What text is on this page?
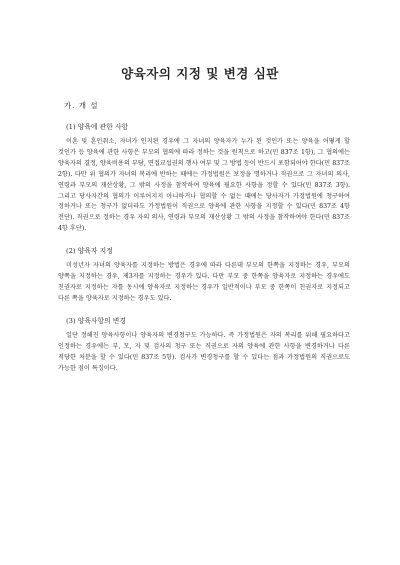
양육자의 지정 및 변경 심판
가. 개 설
(1) 양육에 관한 사항

이혼 및 혼인취소, 자녀가 인지된 경우에 그 자녀의 양육자가 누가 된 것인가 또는 양육을 어떻게 할 것인가 등 양육에 관한 사항은 부모의 협의에 따라 정하는 것을 원칙으로 하고(민 837조 1항), 그 협의에는 양육자의 결정, 양육비용의 부담, 면접교섭권의 행사 여부 및 그 방법 등이 반드시 포함되어야 한다(민 837조 2항). 다만 위 협의가 자녀의 복리에 반하는 때에는 가정법원은 보정을 명하거나 직권으로 그 자녀의 의사, 연령과 부모의 재산상황, 그 밖의 사정을 참작하여 양육에 필요한 사항을 정할 수 있다(민 837조 3항). 그리고 당사자간의 협의가 이루어지지 아니하거나 협의할 수 없는 때에는 당사자가 가정법원에 청구하여 정하거나 또는 청구가 없더라도 가정법원이 직권으로 양육에 관한 사항을 지정할 수 있다(민 837조 4항 전단). 직권으로 정하는 경우 자의 의사, 연령과 부모의 재산상황 그 밖의 사정을 참작하여야 한다(민 837조 4항 후단).

(2) 양육자 지정

미성년자 자녀의 양육자를 지정하는 방법은 경우에 따라 다른데 부모의 한쪽을 지정하는 경우, 부모의 양쪽을 지정하는 경우, 제3자를 지정하는 경우가 있다. 다만 부모 중 한쪽을 양육자로 지정하는 경우에도 친권자로 지정하는 자를 동시에 양육자로 지정하는 경우가 일반적이나 부모 중 한쪽이 친권자로 지정되고 다른 쪽을 양육자로 지정하는 경우도 있다.

(3) 양육사항의 변경

일단 정해진 양육사항이나 양육자의 변경청구도 가능하다. 즉 가정법원은 자의 복리를 위해 필요하다고 인정하는 경우에는 부, 모, 자 및 검사의 청구 또는 직권으로 자의 양육에 관한 사항을 변경하거나 다른 적당한 처분을 할 수 있다(민 837조 5항). 검사가 변경청구를 할 수 있다는 점과 가정법원의 직권으로도 가능한 점이 특징이다.
